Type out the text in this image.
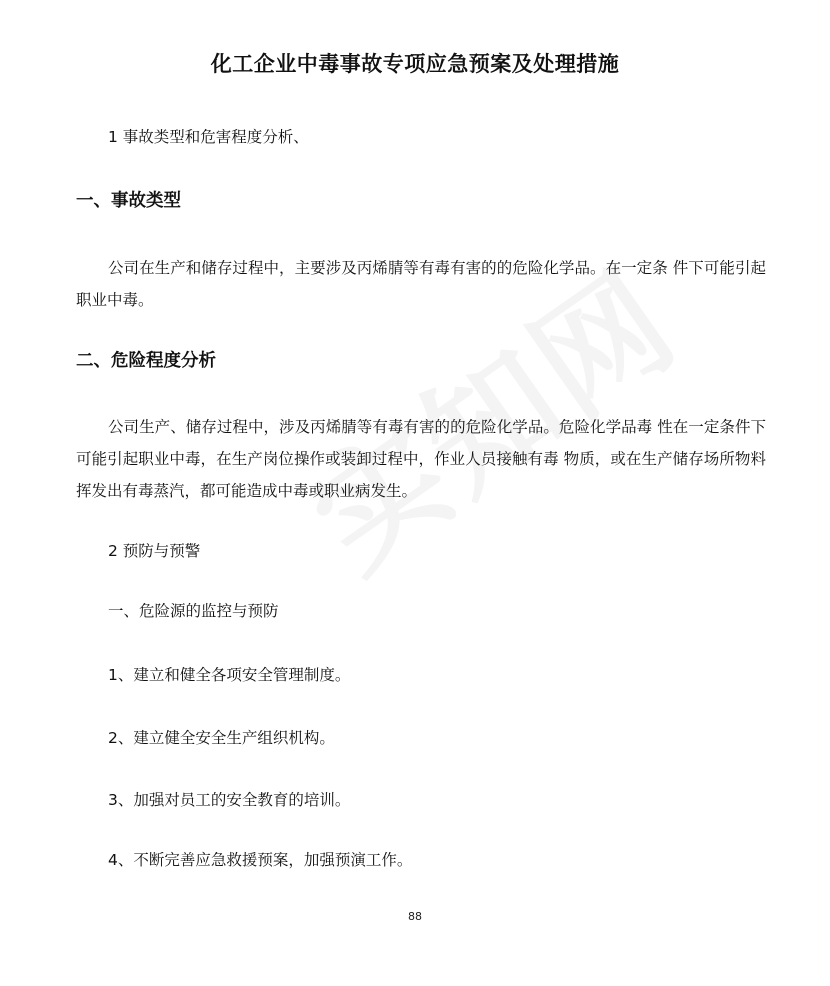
化工企业中毒事故专项应急预案及处理措施
1 事故类型和危害程度分析、
一、事故类型
公司在生产和储存过程中，主要涉及丙烯腈等有毒有害的的危险化学品。在一定条 件下可能引起职业中毒。
二、危险程度分析
公司生产、储存过程中，涉及丙烯腈等有毒有害的的危险化学品。危险化学品毒 性在一定条件下可能引起职业中毒，在生产岗位操作或装卸过程中，作业人员接触有毒 物质，或在生产储存场所物料挥发出有毒蒸汽，都可能造成中毒或职业病发生。
2 预防与预警
一、危险源的监控与预防
1、建立和健全各项安全管理制度。
2、建立健全安全生产组织机构。
3、加强对员工的安全教育的培训。
4、不断完善应急救援预案，加强预演工作。
88
